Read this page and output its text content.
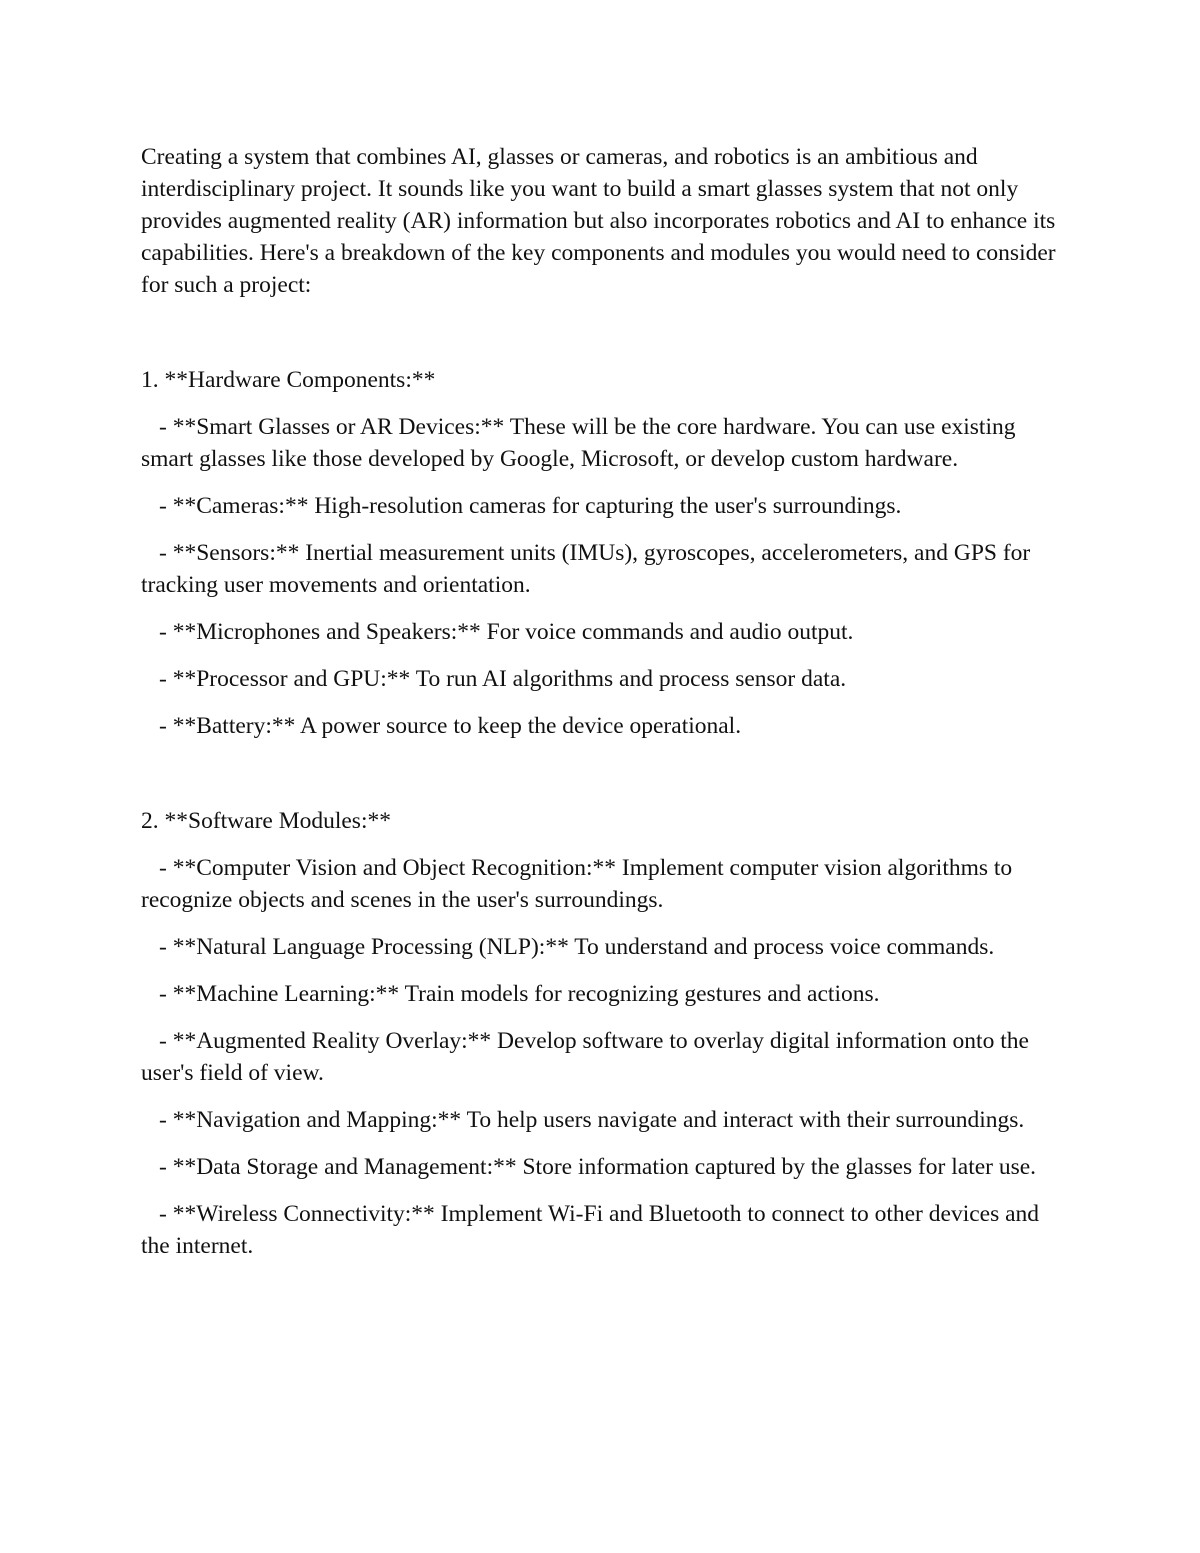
Creating a system that combines AI, glasses or cameras, and robotics is an ambitious and interdisciplinary project. It sounds like you want to build a smart glasses system that not only provides augmented reality (AR) information but also incorporates robotics and AI to enhance its capabilities. Here's a breakdown of the key components and modules you would need to consider for such a project:

1. **Hardware Components:**

- **Smart Glasses or AR Devices:** These will be the core hardware. You can use existing smart glasses like those developed by Google, Microsoft, or develop custom hardware.

- **Cameras:** High-resolution cameras for capturing the user's surroundings.

- **Sensors:** Inertial measurement units (IMUs), gyroscopes, accelerometers, and GPS for tracking user movements and orientation.

- **Microphones and Speakers:** For voice commands and audio output.

- **Processor and GPU:** To run AI algorithms and process sensor data.

- **Battery:** A power source to keep the device operational.

2. **Software Modules:**

- **Computer Vision and Object Recognition:** Implement computer vision algorithms to recognize objects and scenes in the user's surroundings.

- **Natural Language Processing (NLP):** To understand and process voice commands.

- **Machine Learning:** Train models for recognizing gestures and actions.

- **Augmented Reality Overlay:** Develop software to overlay digital information onto the user's field of view.

- **Navigation and Mapping:** To help users navigate and interact with their surroundings.

- **Data Storage and Management:** Store information captured by the glasses for later use.

- **Wireless Connectivity:** Implement Wi-Fi and Bluetooth to connect to other devices and the internet.
